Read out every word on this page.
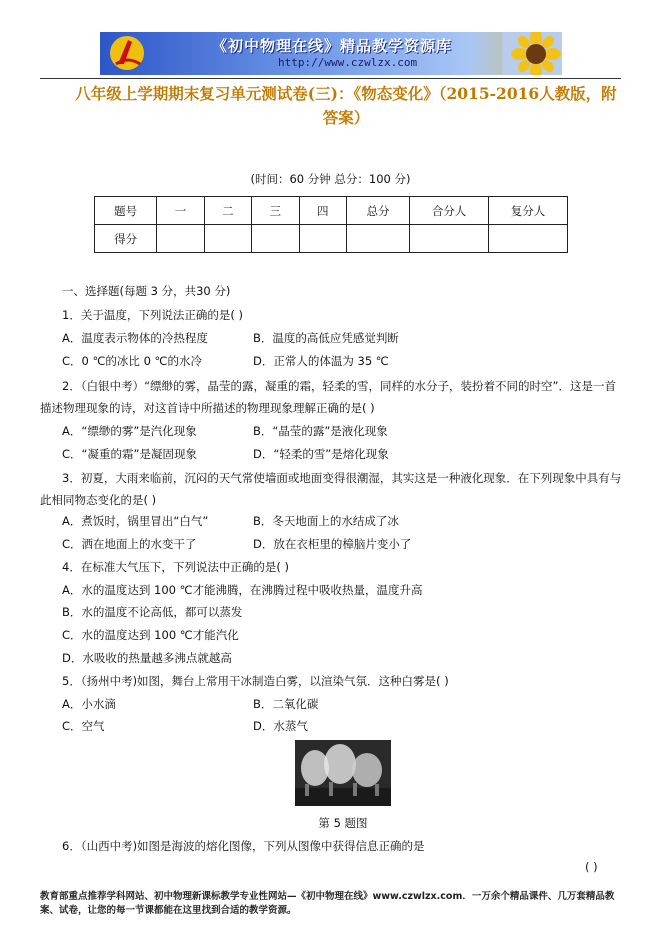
《初中物理在线》精品教学资源库
http://www.czwlzx.com
八年级上学期期末复习单元测试卷(三)：《物态变化》（2015-2016人教版，附答案）
(时间：60 分钟 总分：100 分)
题号	一	二	三	四	总分	合分人	复分人
得分							
一、选择题(每题 3 分，共30 分)
1．关于温度，下列说法正确的是( )
A．温度表示物体的冷热程度	B．温度的高低应凭感觉判断
C．0 ℃的冰比 0 ℃的水冷	D．正常人的体温为 35 ℃
2．（白银中考）“缥缈的雾，晶莹的露，凝重的霜，轻柔的雪，同样的水分子，装扮着不同的时空”．这是一首描述物理现象的诗，对这首诗中所描述的物理现象理解正确的是( )
A．“缥缈的雾”是汽化现象	B．“晶莹的露”是液化现象
C．“凝重的霜”是凝固现象	D．“轻柔的雪”是熔化现象
3．初夏，大雨来临前，沉闷的天气常使墙面或地面变得很潮湿，其实这是一种液化现象．在下列现象中具有与此相同物态变化的是( )
A．煮饭时，锅里冒出“白气”	B．冬天地面上的水结成了冰
C．洒在地面上的水变干了	D．放在衣柜里的樟脑片变小了
4．在标准大气压下，下列说法中正确的是( )
A．水的温度达到 100 ℃才能沸腾，在沸腾过程中吸收热量，温度升高
B．水的温度不论高低，都可以蒸发
C．水的温度达到 100 ℃才能汽化
D．水吸收的热量越多沸点就越高
5．（扬州中考)如图，舞台上常用干冰制造白雾，以渲染气氛．这种白雾是( )
A．小水滴	B．二氧化碳
C．空气	D．水蒸气
第 5 题图
6．（山西中考)如图是海波的熔化图像，下列从图像中获得信息正确的是
( )
教育部重点推荐学科网站、初中物理新课标教学专业性网站—《初中物理在线》www.czwlzx.com．一万余个精品课件、几万套精品教案、试卷，让您的每一节课都能在这里找到合适的教学资源。
